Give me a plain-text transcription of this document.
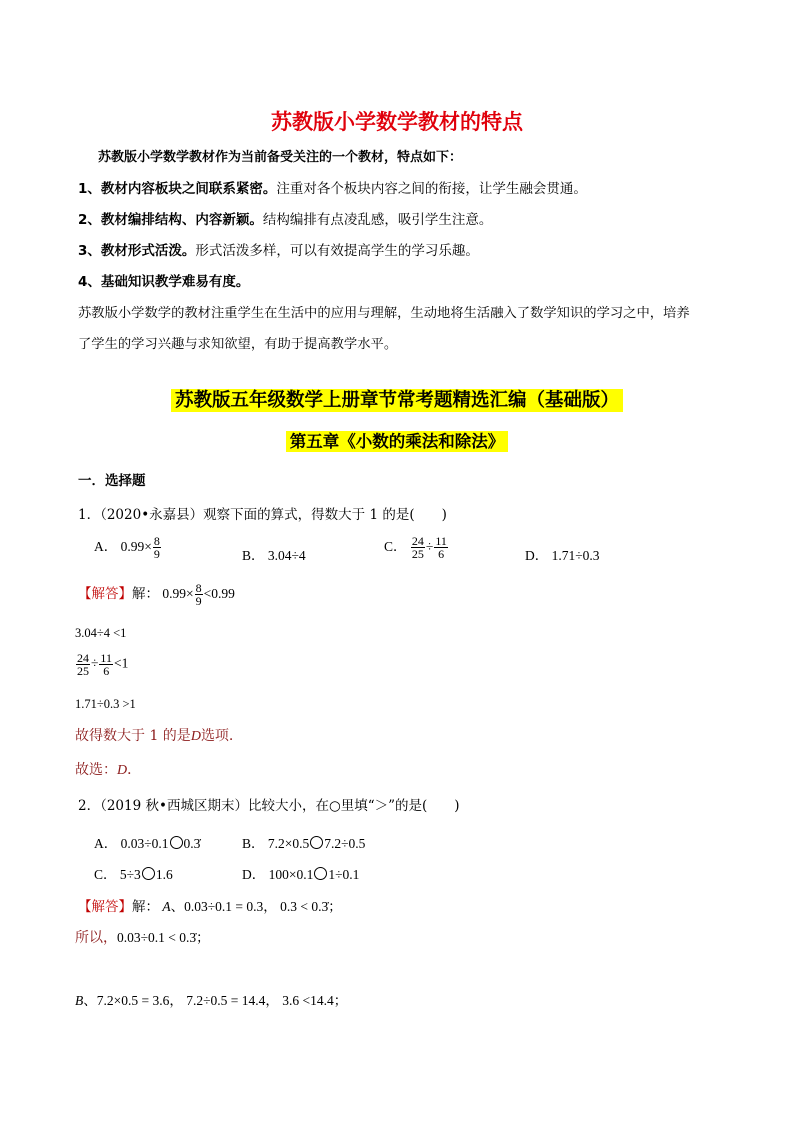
苏教版小学数学教材的特点
苏教版小学数学教材作为当前备受关注的一个教材，特点如下：
1、教材内容板块之间联系紧密。注重对各个板块内容之间的衔接，让学生融会贯通。
2、教材编排结构、内容新颖。结构编排有点凌乱感，吸引学生注意。
3、教材形式活泼。形式活泼多样，可以有效提高学生的学习乐趣。
4、基础知识教学难易有度。
苏教版小学数学的教材注重学生在生活中的应用与理解，生动地将生活融入了数学知识的学习之中，培养
了学生的学习兴趣与求知欲望，有助于提高教学水平。
苏教版五年级数学上册章节常考题精选汇编（基础版）
第五章《小数的乘法和除法》
一．选择题
1．（2020•永嘉县）观察下面的算式，得数大于 1 的是(　　)
A． $0.99\times \frac{8}{9}$	B． 3.04÷4
C． $\frac{24}{25} \div \frac{11}{6}$	D． 1.71÷0.3
【解答】解： $0.99\times \frac{8}{9} <0.99$
3.04÷4 <1
$\frac{24}{25} \div \frac{11}{6} <1$
1.71÷0.3 >1
故得数大于 1 的是D选项.
故选：D．
2．（2019 秋•西城区期末）比较大小，在○里填“＞”的是(　　)
A． 0.03÷0.1 0.3̇	B． 7.2×0.5 7.2÷0.5
C． 5÷3 1.6	D． 100×0.1 1÷0.1
【解答】解： A、0.03÷0.1 = 0.3， 0.3 < 0.3̇；
所以，0.03÷0.1 < 0.3̇；
B、7.2×0.5 = 3.6， 7.2÷0.5 = 14.4， 3.6 <14.4；
